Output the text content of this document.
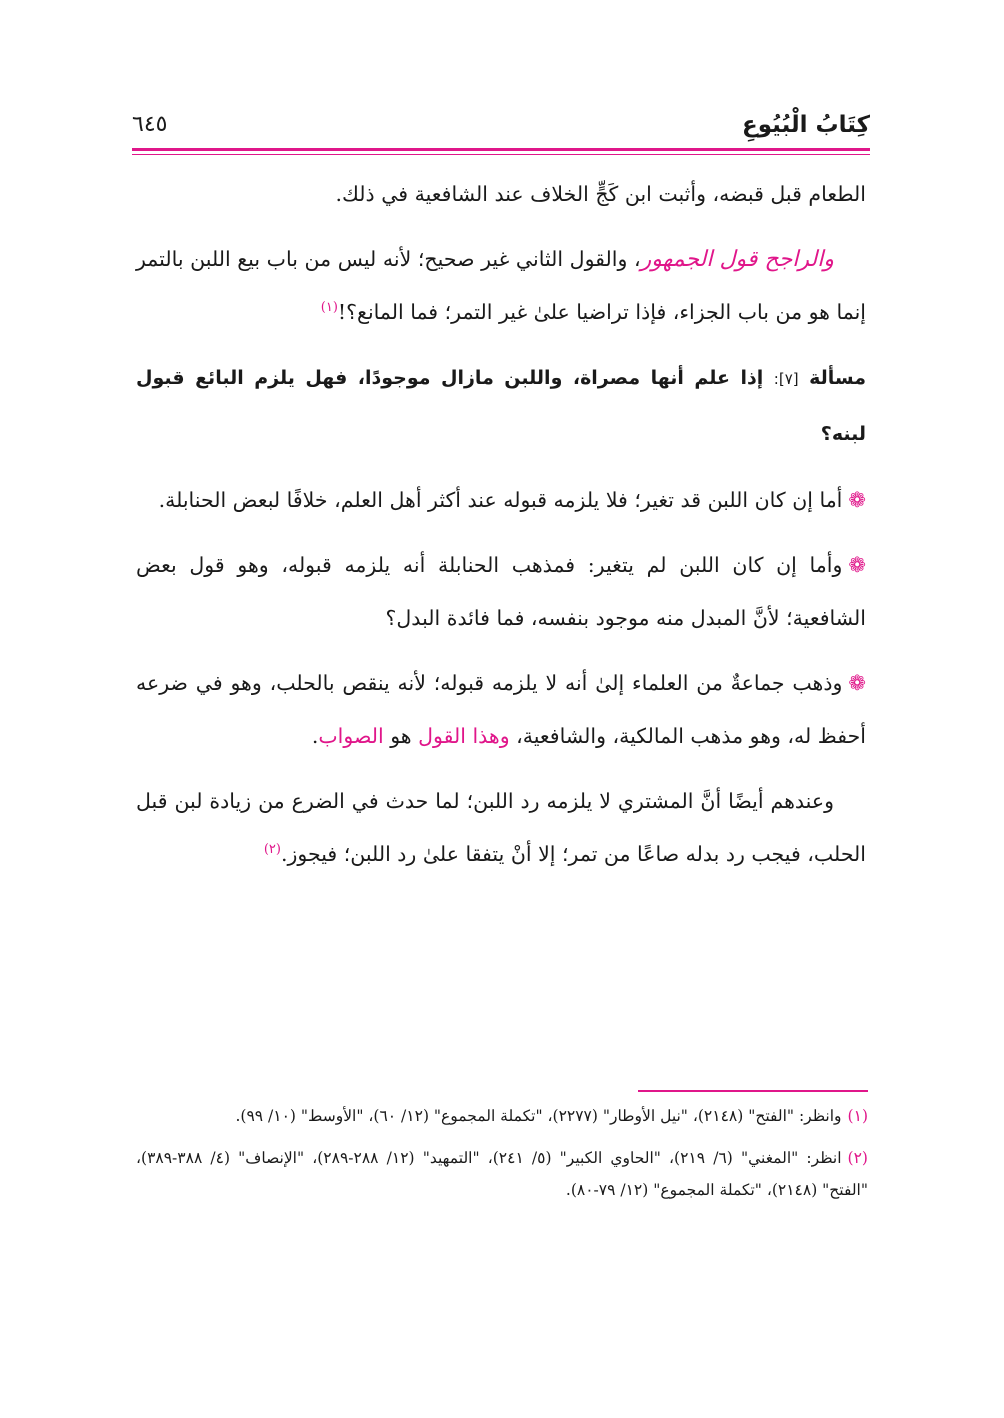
كِتَابُ الْبُيُوعِ
٦٤٥

الطعام قبل قبضه، وأثبت ابن كَجٍّ الخلاف عند الشافعية في ذلك.

والراجح قول الجمهور، والقول الثاني غير صحيح؛ لأنه ليس من باب بيع اللبن بالتمر إنما هو من باب الجزاء، فإذا تراضيا علىٰ غير التمر؛ فما المانع؟!$^{(١)}$

مسألة [٧]: إذا علم أنها مصراة، واللبن مازال موجودًا، فهل يلزم البائع قبول لبنه؟

❁أما إن كان اللبن قد تغير؛ فلا يلزمه قبوله عند أكثر أهل العلم، خلافًا لبعض الحنابلة.

❁وأما إن كان اللبن لم يتغير: فمذهب الحنابلة أنه يلزمه قبوله، وهو قول بعض الشافعية؛ لأنَّ المبدل منه موجود بنفسه، فما فائدة البدل؟

❁وذهب جماعةٌ من العلماء إلىٰ أنه لا يلزمه قبوله؛ لأنه ينقص بالحلب، وهو في ضرعه أحفظ له، وهو مذهب المالكية، والشافعية، وهذا القول هو الصواب.

وعندهم أيضًا أنَّ المشتري لا يلزمه رد اللبن؛ لما حدث في الضرع من زيادة لبن قبل الحلب، فيجب رد بدله صاعًا من تمر؛ إلا أنْ يتفقا علىٰ رد اللبن؛ فيجوز.$^{(٢)}$

(١)وانظر: "الفتح" (٢١٤٨)، "نيل الأوطار" (٢٢٧٧)، "تكملة المجموع" (١٢/ ٦٠)، "الأوسط" (١٠/ ٩٩).

(٢)انظر: "المغني" (٦/ ٢١٩)، "الحاوي الكبير" (٥/ ٢٤١)، "التمهيد" (١٢/ ٢٨٨-٢٨٩)، "الإنصاف" (٤/ ٣٨٨-٣٨٩)، "الفتح" (٢١٤٨)، "تكملة المجموع" (١٢/ ٧٩-٨٠).
